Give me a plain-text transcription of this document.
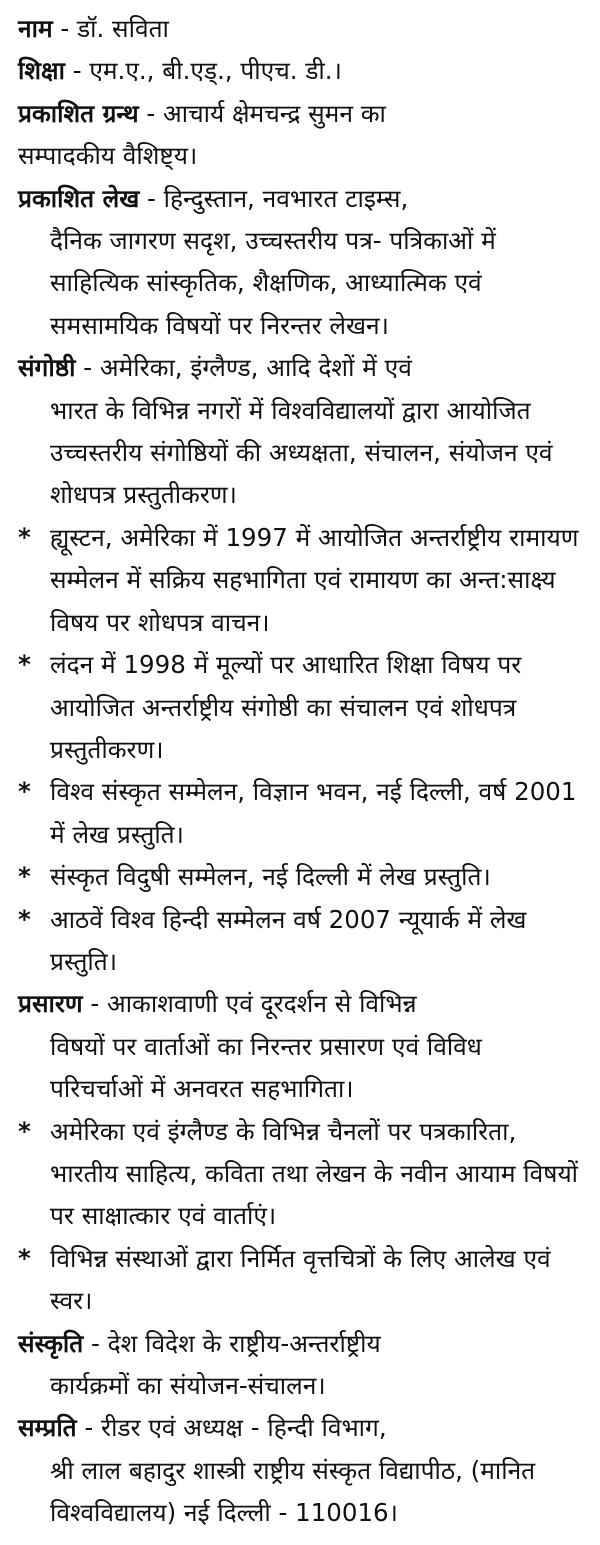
नाम - डॉ. सविता

शिक्षा - एम.ए., बी.एड्., पीएच. डी.।

प्रकाशित ग्रन्थ - आचार्य क्षेमचन्द्र सुमन का
सम्पादकीय वैशिष्ट्य।

प्रकाशित लेख - हिन्दुस्तान, नवभारत टाइम्स,
दैनिक जागरण सदृश, उच्चस्तरीय पत्र- पत्रिकाओं में साहित्यिक सांस्कृतिक, शैक्षणिक, आध्यात्मिक एवं समसामयिक विषयों पर निरन्तर लेखन।

संगोष्ठी - अमेरिका, इंग्लैण्ड, आदि देशों में एवं
भारत के विभिन्न नगरों में विश्वविद्यालयों द्वारा आयोजित उच्चस्तरीय संगोष्ठियों की अध्यक्षता, संचालन, संयोजन एवं शोधपत्र प्रस्तुतीकरण।

* ह्यूस्टन, अमेरिका में 1997 में आयोजित अन्तर्राष्ट्रीय रामायण सम्मेलन में सक्रिय सहभागिता एवं रामायण का अन्त:साक्ष्य विषय पर शोधपत्र वाचन।

* लंदन में 1998 में मूल्यों पर आधारित शिक्षा विषय पर आयोजित अन्तर्राष्ट्रीय संगोष्ठी का संचालन एवं शोधपत्र प्रस्तुतीकरण।

* विश्व संस्कृत सम्मेलन, विज्ञान भवन, नई दिल्ली, वर्ष 2001 में लेख प्रस्तुति।

* संस्कृत विदुषी सम्मेलन, नई दिल्ली में लेख प्रस्तुति।

* आठवें विश्व हिन्दी सम्मेलन वर्ष 2007 न्यूयार्क में लेख प्रस्तुति।

प्रसारण - आकाशवाणी एवं दूरदर्शन से विभिन्न
विषयों पर वार्ताओं का निरन्तर प्रसारण एवं विविध परिचर्चाओं में अनवरत सहभागिता।

* अमेरिका एवं इंग्लैण्ड के विभिन्न चैनलों पर पत्रकारिता, भारतीय साहित्य, कविता तथा लेखन के नवीन आयाम विषयों पर साक्षात्कार एवं वार्ताएं।

* विभिन्न संस्थाओं द्वारा निर्मित वृत्तचित्रों के लिए आलेख एवं स्वर।

संस्कृति - देश विदेश के राष्ट्रीय-अन्तर्राष्ट्रीय
कार्यक्रमों का संयोजन-संचालन।

सम्प्रति - रीडर एवं अध्यक्ष - हिन्दी विभाग,
श्री लाल बहादुर शास्त्री राष्ट्रीय संस्कृत विद्यापीठ, (मानित विश्वविद्यालय) नई दिल्ली - 110016।
